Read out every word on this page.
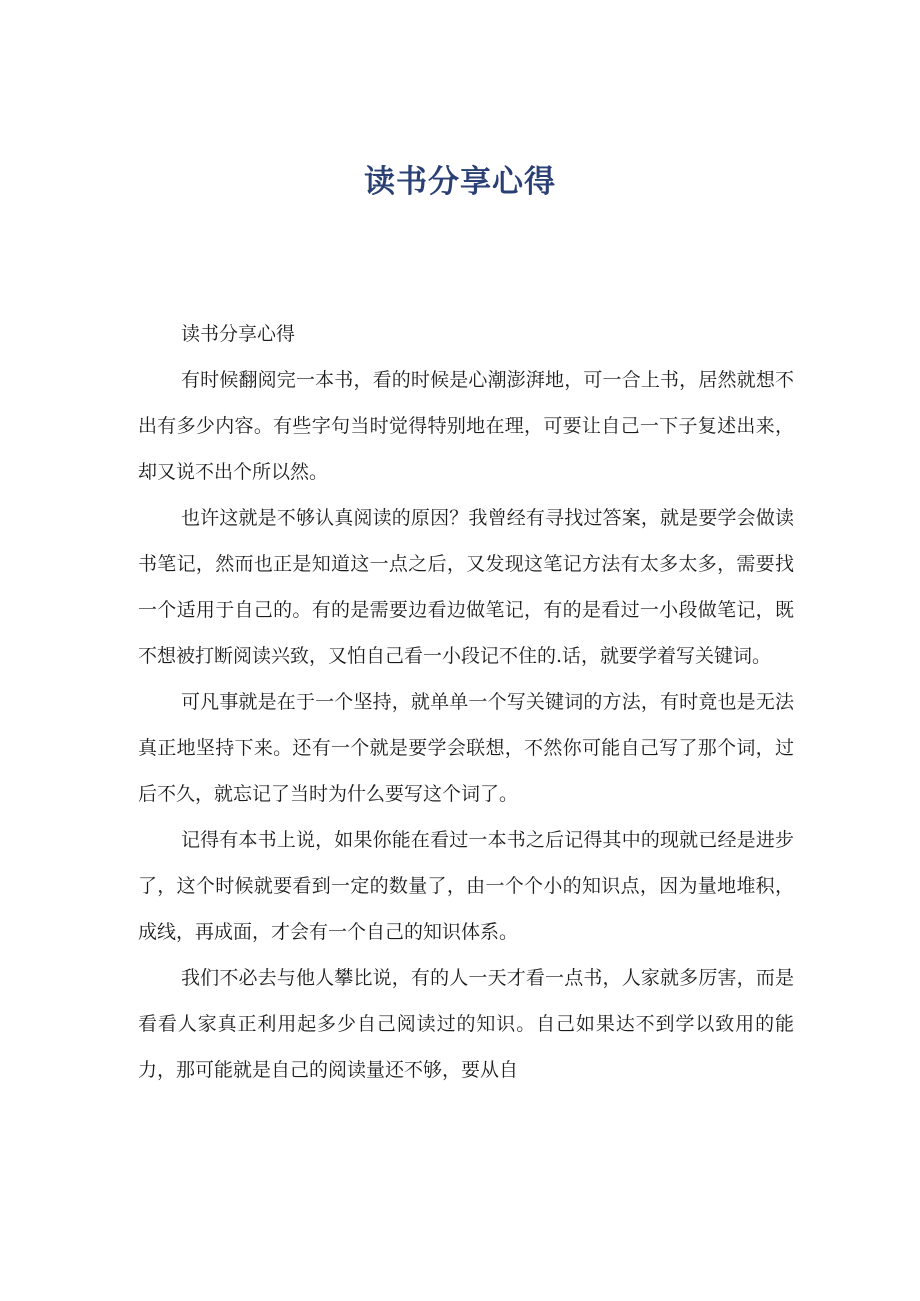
读书分享心得

读书分享心得

有时候翻阅完一本书，看的时候是心潮澎湃地，可一合上书，居然就想不出有多少内容。有些字句当时觉得特别地在理，可要让自己一下子复述出来，却又说不出个所以然。

也许这就是不够认真阅读的原因？我曾经有寻找过答案，就是要学会做读书笔记，然而也正是知道这一点之后，又发现这笔记方法有太多太多，需要找一个适用于自己的。有的是需要边看边做笔记，有的是看过一小段做笔记，既不想被打断阅读兴致，又怕自己看一小段记不住的.话，就要学着写关键词。

可凡事就是在于一个坚持，就单单一个写关键词的方法，有时竟也是无法真正地坚持下来。还有一个就是要学会联想，不然你可能自己写了那个词，过后不久，就忘记了当时为什么要写这个词了。

记得有本书上说，如果你能在看过一本书之后记得其中的现就已经是进步了，这个时候就要看到一定的数量了，由一个个小的知识点，因为量地堆积，成线，再成面，才会有一个自己的知识体系。

我们不必去与他人攀比说，有的人一天才看一点书，人家就多厉害，而是看看人家真正利用起多少自己阅读过的知识。自己如果达不到学以致用的能力，那可能就是自己的阅读量还不够，要从自
